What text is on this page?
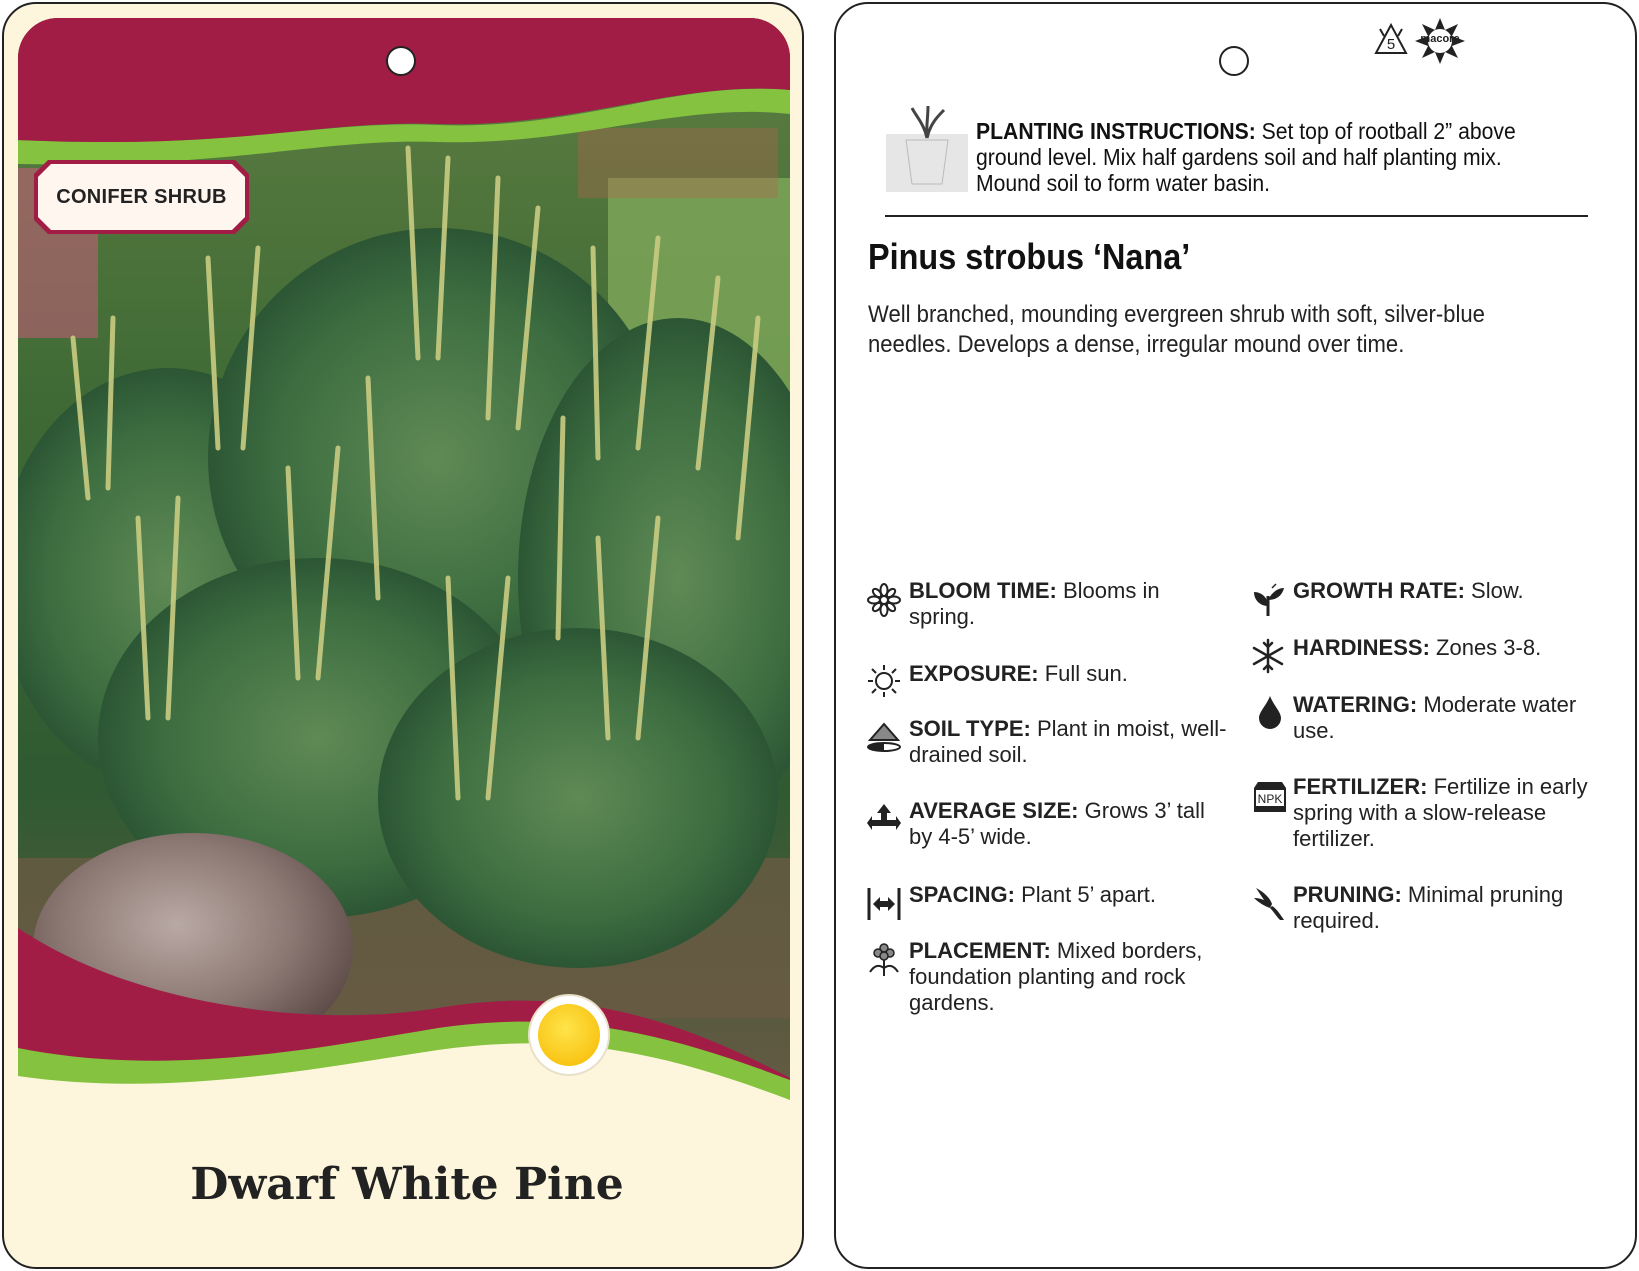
CONIFER SHRUB
Dwarf White Pine
5	macore
PLANTING INSTRUCTIONS: Set top of rootball 2” above ground level. Mix half gardens soil and half planting mix. Mound soil to form water basin.
Pinus strobus ‘Nana’
Well branched, mounding evergreen shrub with soft, silver-blue needles. Develops a dense, irregular mound over time.
BLOOM TIME: Blooms in spring.
EXPOSURE: Full sun.
SOIL TYPE: Plant in moist, well-drained soil.
AVERAGE SIZE: Grows 3’ tall by 4-5’ wide.
SPACING: Plant 5’ apart.
PLACEMENT: Mixed borders, foundation planting and rock gardens.
GROWTH RATE: Slow.
HARDINESS: Zones 3-8.
WATERING: Moderate water use.
NPK FERTILIZER: Fertilize in early spring with a slow-release fertilizer.
PRUNING: Minimal pruning required.
